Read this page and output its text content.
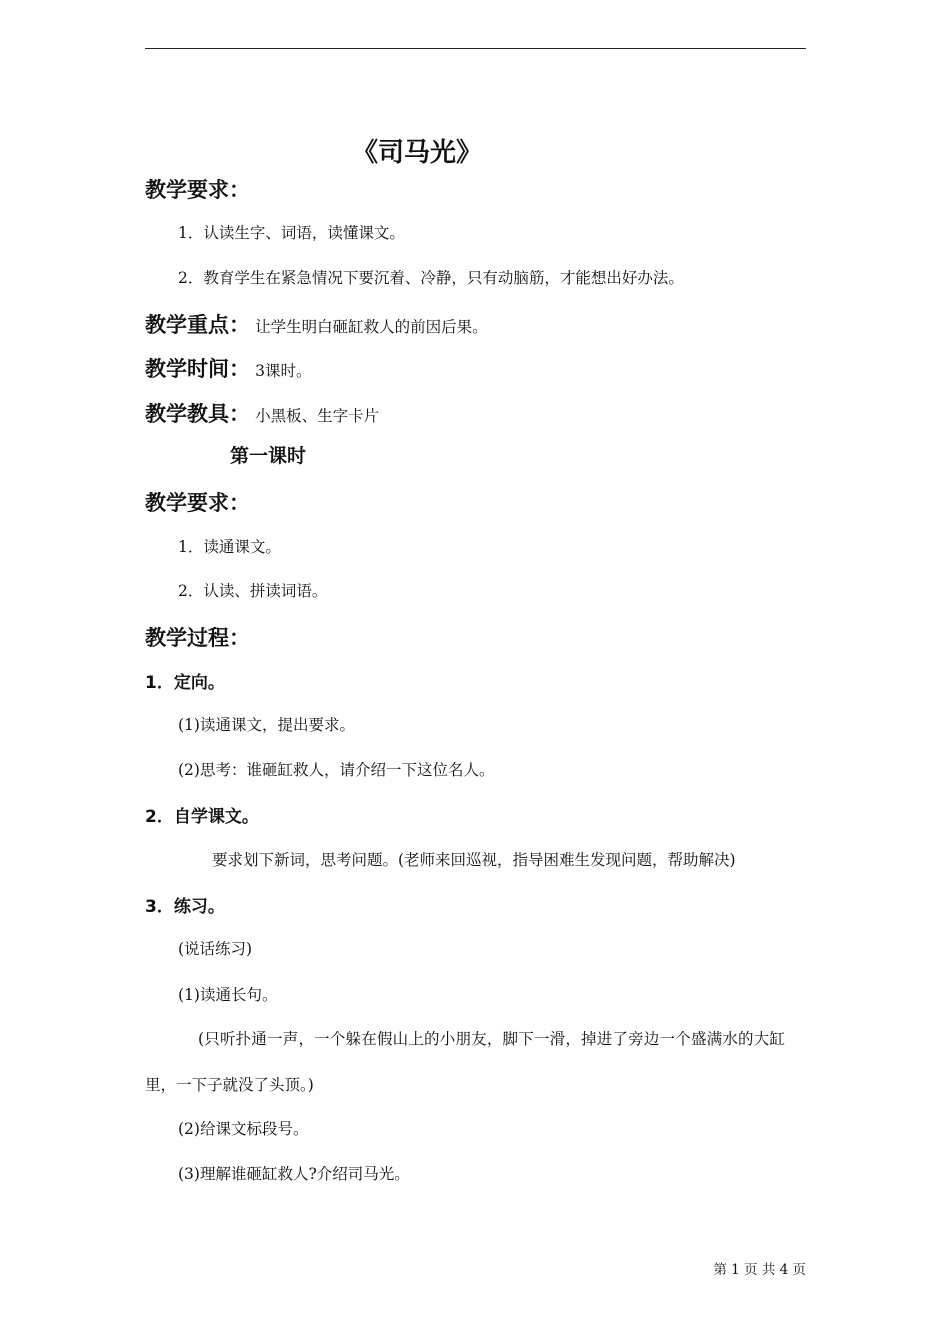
《司马光》
教学要求：
1．认读生字、词语，读懂课文。
2．教育学生在紧急情况下要沉着、冷静，只有动脑筋，才能想出好办法。
教学重点： 让学生明白砸缸救人的前因后果。
教学时间： 3课时。
教学教具： 小黑板、生字卡片
第一课时
教学要求：
1．读通课文。
2．认读、拼读词语。
教学过程：
1．定向。
(1)读通课文，提出要求。
(2)思考：谁砸缸救人，请介绍一下这位名人。
2．自学课文。
要求划下新词，思考问题。(老师来回巡视，指导困难生发现问题，帮助解决)
3．练习。
(说话练习)
(1)读通长句。
(只听扑通一声，一个躲在假山上的小朋友，脚下一滑，掉进了旁边一个盛满水的大缸
里，一下子就没了头顶。)
(2)给课文标段号。
(3)理解谁砸缸救人?介绍司马光。
第 1 页 共 4 页
